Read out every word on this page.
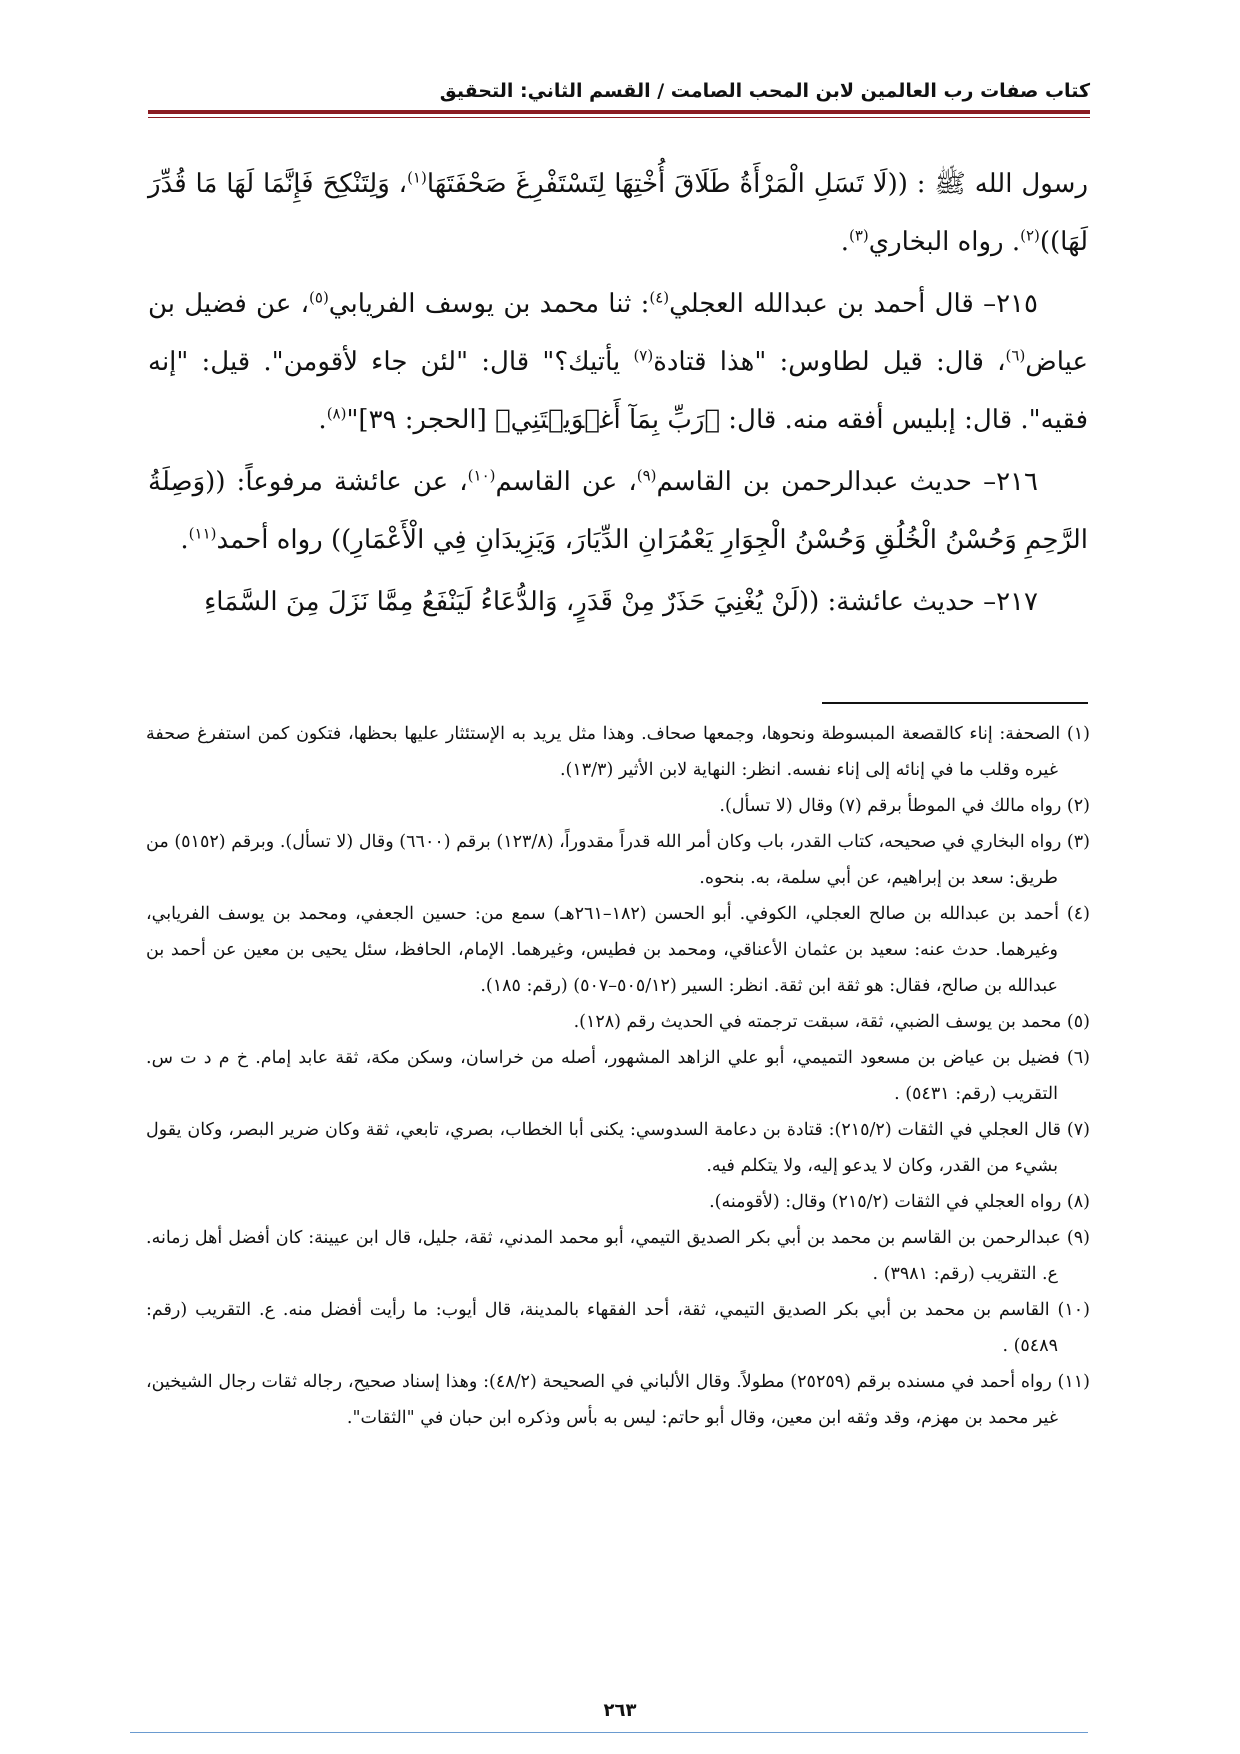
كتاب صفات رب العالمين لابن المحب الصامت / القسم الثاني: التحقيق

رسول الله ﷺ : ((لَا تَسَلِ الْمَرْأَةُ طَلَاقَ أُخْتِهَا لِتَسْتَفْرِغَ صَحْفَتَهَا$^{(١)}$، وَلِتَنْكِحَ فَإِنَّمَا لَهَا مَا قُدِّرَ لَهَا))$^{(٢)}$. رواه البخاري$^{(٣)}$.

٢١٥– قال أحمد بن عبدالله العجلي$^{(٤)}$: ثنا محمد بن يوسف الفريابي$^{(٥)}$، عن فضيل بن عياض$^{(٦)}$، قال: قيل لطاوس: "هذا قتادة$^{(٧)}$ يأتيك؟" قال: "لئن جاء لأقومن". قيل: "إنه فقيه". قال: إبليس أفقه منه. قال: ﴿رَبِّ بِمَآ أَغۡوَيۡتَنِي﴾ [الحجر: ٣٩]"$^{(٨)}$.

٢١٦– حديث عبدالرحمن بن القاسم$^{(٩)}$، عن القاسم$^{(١٠)}$، عن عائشة مرفوعاً: ((وَصِلَةُ الرَّحِمِ وَحُسْنُ الْخُلُقِ وَحُسْنُ الْجِوَارِ يَعْمُرَانِ الدِّيَارَ، وَيَزِيدَانِ فِي الْأَعْمَارِ)) رواه أحمد$^{(١١)}$.

٢١٧– حديث عائشة: ((لَنْ يُغْنِيَ حَذَرٌ مِنْ قَدَرٍ، وَالدُّعَاءُ لَيَنْفَعُ مِمَّا نَزَلَ مِنَ السَّمَاءِ

(١) الصحفة: إناء كالقصعة المبسوطة ونحوها، وجمعها صحاف. وهذا مثل يريد به الإستئثار عليها بحظها، فتكون كمن استفرغ صحفة غيره وقلب ما في إنائه إلى إناء نفسه. انظر: النهاية لابن الأثير (١٣/٣).

(٢) رواه مالك في الموطأ برقم (٧) وقال (لا تسأل).

(٣) رواه البخاري في صحيحه، كتاب القدر، باب وكان أمر الله قدراً مقدوراً، (١٢٣/٨) برقم (٦٦٠٠) وقال (لا تسأل). وبرقم (٥١٥٢) من طريق: سعد بن إبراهيم، عن أبي سلمة، به. بنحوه.

(٤) أحمد بن عبدالله بن صالح العجلي، الكوفي. أبو الحسن (١٨٢–٢٦١هـ) سمع من: حسين الجعفي، ومحمد بن يوسف الفريابي، وغيرهما. حدث عنه: سعيد بن عثمان الأعناقي، ومحمد بن فطيس، وغيرهما. الإمام، الحافظ، سئل يحيى بن معين عن أحمد بن عبدالله بن صالح، فقال: هو ثقة ابن ثقة. انظر: السير (٥٠٥/١٢–٥٠٧) (رقم: ١٨٥).

(٥) محمد بن يوسف الضبي، ثقة، سبقت ترجمته في الحديث رقم (١٢٨).

(٦) فضيل بن عياض بن مسعود التميمي، أبو علي الزاهد المشهور، أصله من خراسان، وسكن مكة، ثقة عابد إمام. خ م د ت س. التقريب (رقم: ٥٤٣١) .

(٧) قال العجلي في الثقات (٢١٥/٢): قتادة بن دعامة السدوسي: يكنى أبا الخطاب، بصري، تابعي، ثقة وكان ضرير البصر، وكان يقول بشيء من القدر، وكان لا يدعو إليه، ولا يتكلم فيه.

(٨) رواه العجلي في الثقات (٢١٥/٢) وقال: (لأقومنه).

(٩) عبدالرحمن بن القاسم بن محمد بن أبي بكر الصديق التيمي، أبو محمد المدني، ثقة، جليل، قال ابن عيينة: كان أفضل أهل زمانه. ع. التقريب (رقم: ٣٩٨١) .

(١٠) القاسم بن محمد بن أبي بكر الصديق التيمي، ثقة، أحد الفقهاء بالمدينة، قال أيوب: ما رأيت أفضل منه. ع. التقريب (رقم: ٥٤٨٩) .

(١١) رواه أحمد في مسنده برقم (٢٥٢٥٩) مطولاً. وقال الألباني في الصحيحة (٤٨/٢): وهذا إسناد صحيح، رجاله ثقات رجال الشيخين، غير محمد بن مهزم، وقد وثقه ابن معين، وقال أبو حاتم: ليس به بأس وذكره ابن حبان في "الثقات".

٢٦٣
